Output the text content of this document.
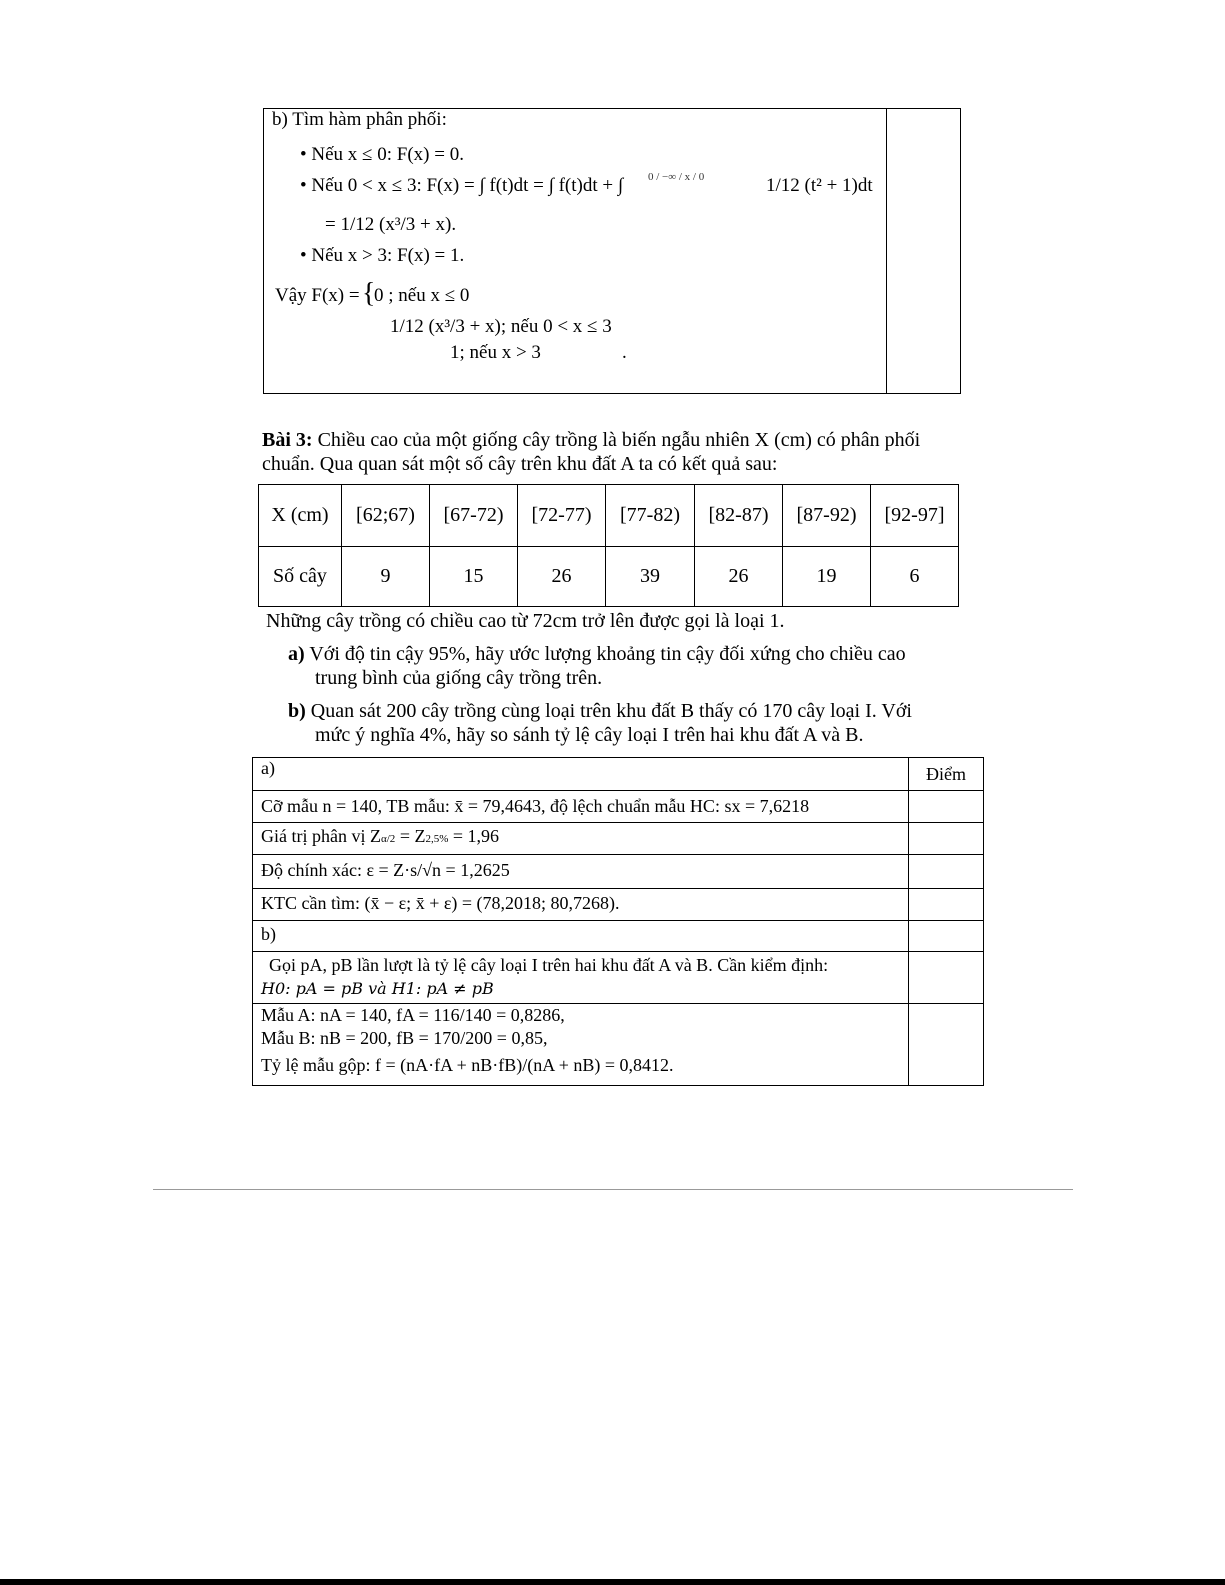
b) Tìm hàm phân phối:
• Nếu x ≤ 0: F(x) = 0.
• Nếu 0 < x ≤ 3: F(x) = ∫ f(t)dt = ∫ f(t)dt + ∫ 0 / −∞ / x / 0	1/12 (t² + 1)dt
= 1/12 (x³/3 + x).
• Nếu x > 3: F(x) = 1.
Vậy F(x) = {
0 ; nếu x ≤ 0
1/12 (x³/3 + x); nếu 0 < x ≤ 3
1; nếu x > 3	.
Bài 3: Chiều cao của một giống cây trồng là biến ngẫu nhiên X (cm) có phân phối
chuẩn. Qua quan sát một số cây trên khu đất A ta có kết quả sau:
X (cm)	[62;67)	[67-72)	[72-77)	[77-82)	[82-87)	[87-92)	[92-97]
Số cây	9	15	26	39	26	19	6
Những cây trồng có chiều cao từ 72cm trở lên được gọi là loại 1.
a) Với độ tin cậy 95%, hãy ước lượng khoảng tin cậy đối xứng cho chiều cao
trung bình của giống cây trồng trên.
b) Quan sát 200 cây trồng cùng loại trên khu đất B thấy có 170 cây loại I. Với
mức ý nghĩa 4%, hãy so sánh tỷ lệ cây loại I trên hai khu đất A và B.
a)	Điểm
Cỡ mẫu n = 140, TB mẫu: x̄ = 79,4643, độ lệch chuẩn mẫu HC: sx = 7,6218	
Giá trị phân vị Zα/2 = Z2,5% = 1,96	
Độ chính xác: ε = Z·s/√n = 1,2625	
KTC cần tìm: (x̄ − ε; x̄ + ε) = (78,2018; 80,7268).	
b)	

Gọi pA, pB lần lượt là tỷ lệ cây loại I trên hai khu đất A và B. Cần kiểm định:
H0: pA = pB và H1: pA ≠ pB	

Mẫu A: nA = 140, fA = 116/140 = 0,8286,
Mẫu B: nB = 200, fB = 170/200 = 0,85,
Tỷ lệ mẫu gộp: f = (nA·fA + nB·fB)/(nA + nB) = 0,8412.	
